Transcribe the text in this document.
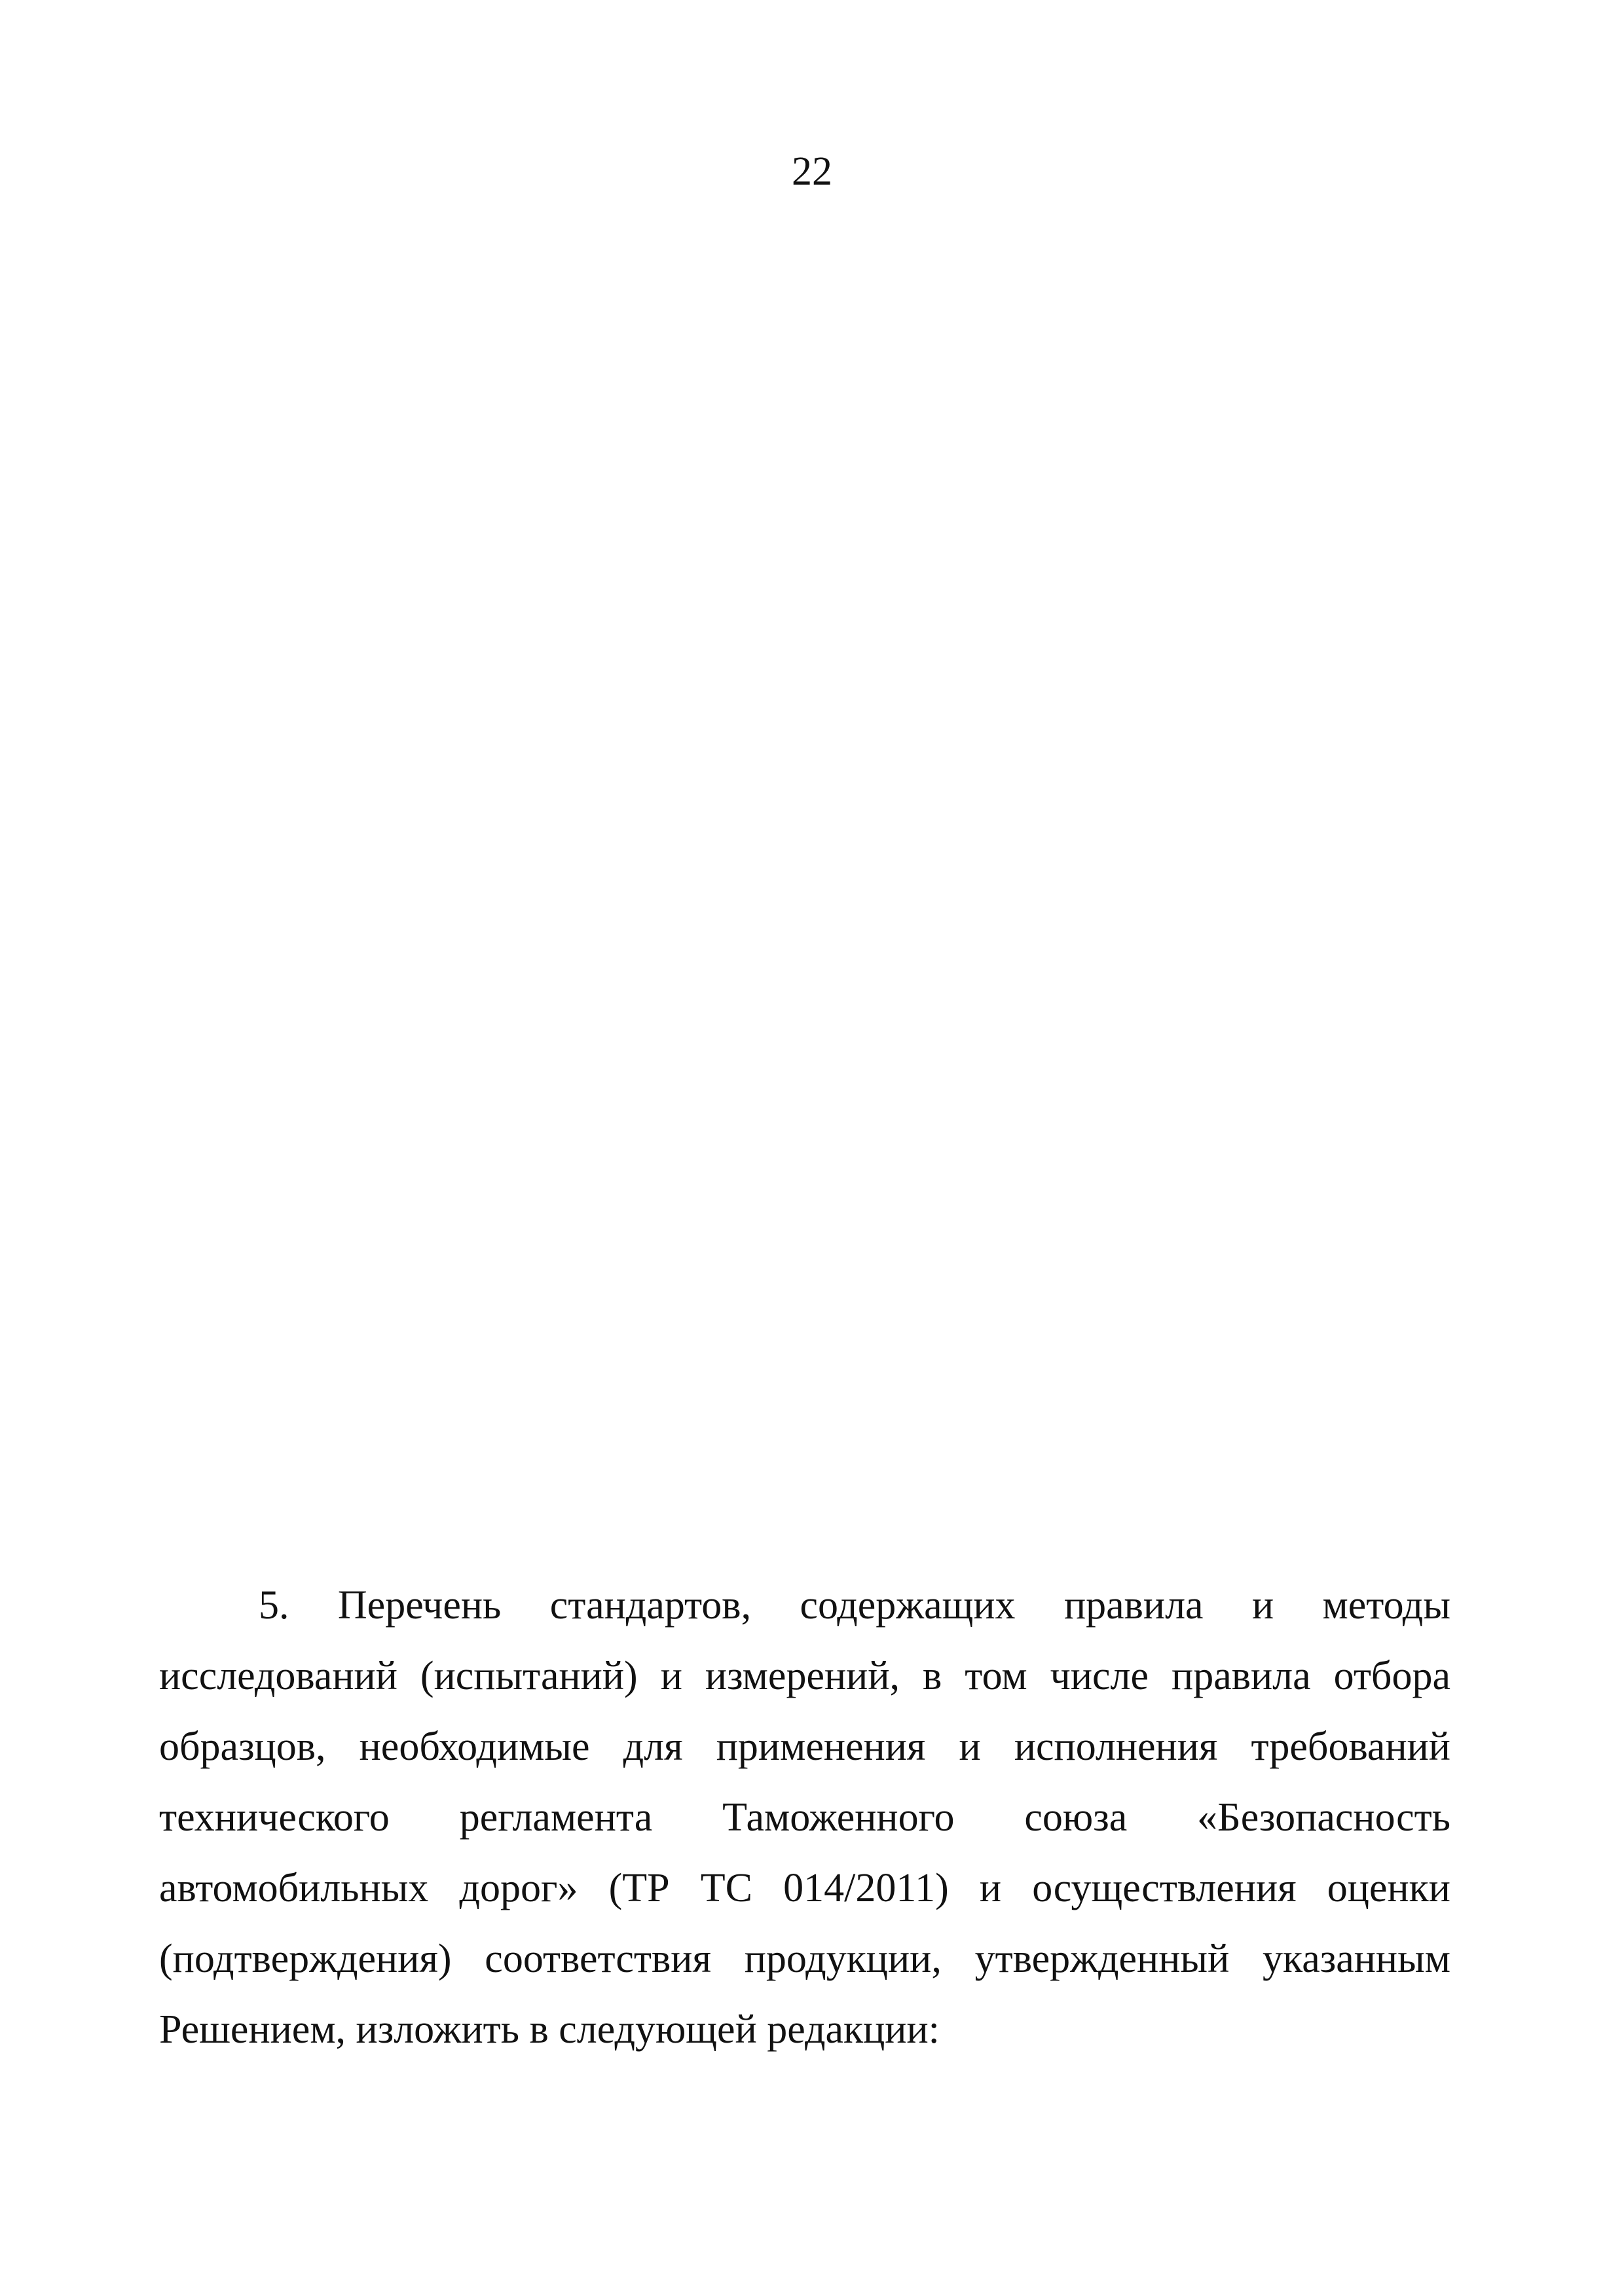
22
5. Перечень стандартов, содержащих правила и методы
исследований (испытаний) и измерений, в том числе правила отбора
образцов, необходимые для применения и исполнения требований
технического регламента Таможенного союза «Безопасность
автомобильных дорог» (ТР ТС 014/2011) и осуществления оценки
(подтверждения) соответствия продукции, утвержденный указанным
Решением, изложить в следующей редакции:
